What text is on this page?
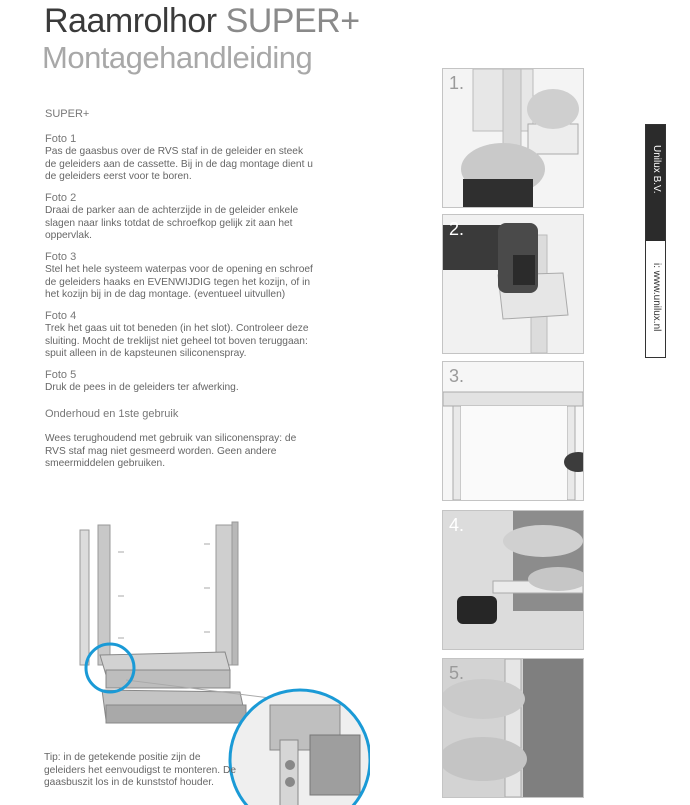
Raamrolhor SUPER+
Montagehandleiding
SUPER+
Foto 1
Pas de gaasbus over de RVS staf in de geleider en steek de geleiders aan de cassette. Bij in de dag montage dient u de geleiders eerst voor te boren.
Foto 2
Draai de parker aan de achterzijde in de geleider enkele slagen naar links totdat de schroefkop gelijk zit aan het oppervlak.
Foto 3
Stel het hele systeem waterpas voor de opening en schroef de geleiders haaks en EVENWIJDIG tegen het kozijn, of in het kozijn bij in de dag montage. (eventueel uitvullen)
Foto 4
Trek het gaas uit tot beneden (in het slot). Controleer deze sluiting. Mocht de treklijst niet geheel tot boven teruggaan: spuit alleen in de kapsteunen siliconenspray.
Foto 5
Druk de pees in de geleiders ter afwerking.
Onderhoud en 1ste gebruik
Wees terughoudend met gebruik van siliconenspray: de RVS staf mag niet gesmeerd worden. Geen andere smeermiddelen gebruiken.
Tip: in de getekende positie zijn de geleiders het eenvoudigst te monteren. De gaasbuszit los in de kunststof houder.
1.
2.
3.
4.
5.
Unilux B.V.
i: www.unilux.nl
